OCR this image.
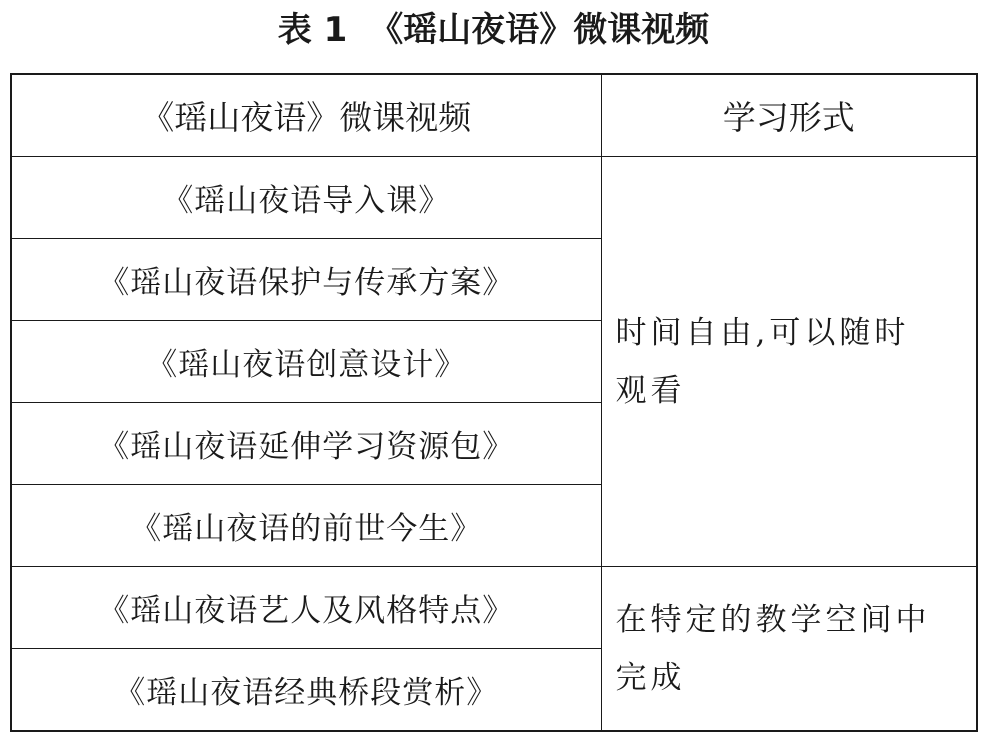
表 1 《瑶山夜语》微课视频
《瑶山夜语》微课视频	学习形式
《瑶山夜语导入课》	时间自由,可以随时
观看

《瑶山夜语保护与传承方案》	
《瑶山夜语创意设计》	
《瑶山夜语延伸学习资源包》	
《瑶山夜语的前世今生》	
《瑶山夜语艺人及风格特点》	在特定的教学空间中
完成

《瑶山夜语经典桥段赏析》	
